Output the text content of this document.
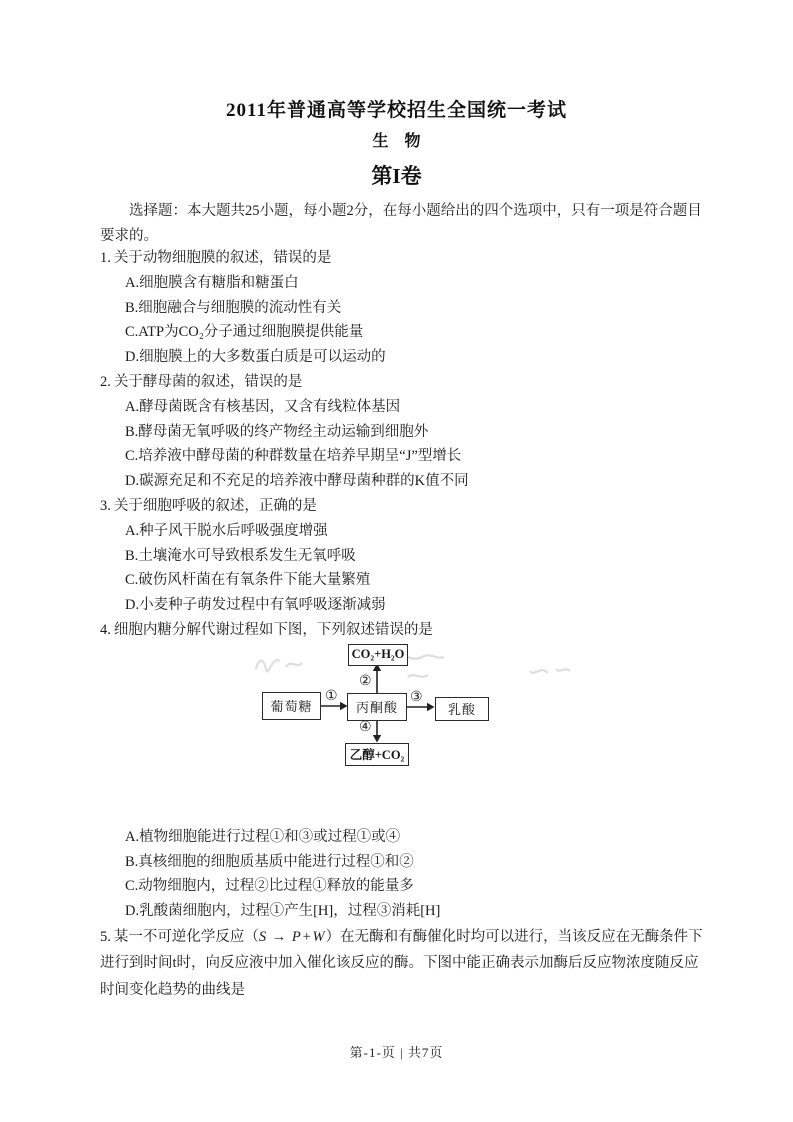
2011年普通高等学校招生全国统一考试
生　物
第I卷
选择题：本大题共25小题，每小题2分，在每小题给出的四个选项中，只有一项是符合题目要求的。
1. 关于动物细胞膜的叙述，错误的是
A.细胞膜含有糖脂和糖蛋白
B.细胞融合与细胞膜的流动性有关
C.ATP为CO₂分子通过细胞膜提供能量
D.细胞膜上的大多数蛋白质是可以运动的
2. 关于酵母菌的叙述，错误的是
A.酵母菌既含有核基因，又含有线粒体基因
B.酵母菌无氧呼吸的终产物经主动运输到细胞外
C.培养液中酵母菌的种群数量在培养早期呈“J”型增长
D.碳源充足和不充足的培养液中酵母菌种群的K值不同
3. 关于细胞呼吸的叙述，正确的是
A.种子风干脱水后呼吸强度增强
B.土壤淹水可导致根系发生无氧呼吸
C.破伤风杆菌在有氧条件下能大量繁殖
D.小麦种子萌发过程中有氧呼吸逐渐减弱
4. 细胞内糖分解代谢过程如下图，下列叙述错误的是
CO₂+H₂O
葡萄糖	丙酮酸	乳酸
乙醇+CO₂
①
②
③
④
A.植物细胞能进行过程①和③或过程①或④
B.真核细胞的细胞质基质中能进行过程①和②
C.动物细胞内，过程②比过程①释放的能量多
D.乳酸菌细胞内，过程①产生[H]，过程③消耗[H]
5. 某一不可逆化学反应（S → P+W）在无酶和有酶催化时均可以进行，当该反应在无酶条件下进行到时间t时，向反应液中加入催化该反应的酶。下图中能正确表示加酶后反应物浓度随反应时间变化趋势的曲线是
第-1-页 | 共7页
